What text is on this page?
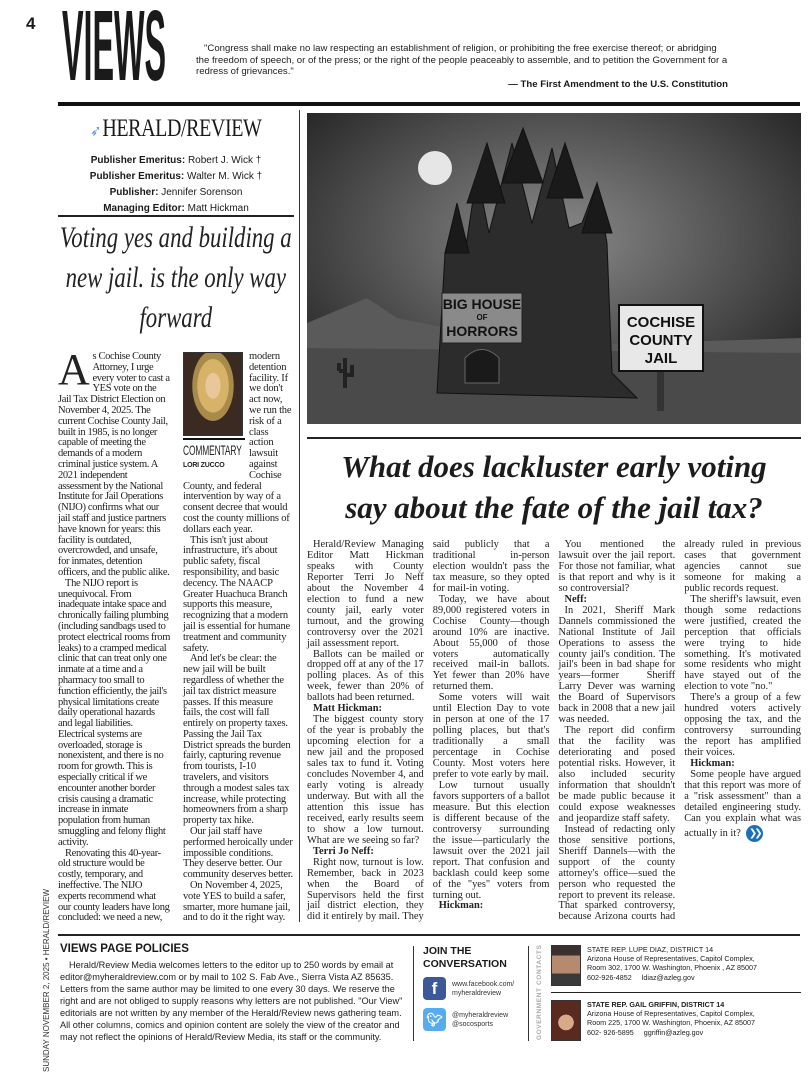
4 VIEWS	"Congress shall make no law respecting an establishment of religion, or prohibiting the free exercise thereof; or abridging the freedom of speech, or of the press; or the right of the people peaceably to assemble, and to petition the Government for a redress of grievances."
— The First Amendment to the U.S. Constitution
➶HERALD/REVIEW
Publisher Emeritus: Robert J. Wick †
Publisher Emeritus: Walter M. Wick †
Publisher: Jennifer Sorenson
Managing Editor: Matt Hickman
Voting yes and building a new jail. is the only way forward
A s Cochise County Attorney, I urge every voter to cast a YES vote on the Jail Tax District Election on November 4, 2025. The current Cochise County Jail, built in 1985, is no longer capable of meeting the demands of a modern criminal justice system. A 2021 independent assessment by the National Institute for Jail Operations (NIJO) confirms what our jail staff and justice partners have known for years: this facility is outdated, overcrowded, and unsafe, for inmates, detention officers, and the public alike.

The NIJO report is unequivocal. From inadequate intake space and chronically failing plumbing (including sandbags used to protect electrical rooms from leaks) to a cramped medical clinic that can treat only one inmate at a time and a pharmacy too small to function efficiently, the jail's physical limitations create daily operational hazards and legal liabilities. Electrical systems are overloaded, storage is nonexistent, and there is no room for growth. This is especially critical if we encounter another border crisis causing a dramatic increase in inmate population from human smuggling and felony flight activity.

Renovating this 40-year-old structure would be costly, temporary, and ineffective. The NIJO experts recommend what our county leaders have long concluded: we need a new,

COMMENTARY
LORI ZUCCO

modern detention facility. If we don't act now, we run the risk of a class action lawsuit against Cochise County, and federal intervention by way of a consent decree that would cost the county millions of dollars each year.

This isn't just about infrastructure, it's about public safety, fiscal responsibility, and basic decency. The NAACP Greater Huachuca Branch supports this measure, recognizing that a modern jail is essential for humane treatment and community safety.

And let's be clear: the new jail will be built regardless of whether the jail tax district measure passes. If this measure fails, the cost will fall entirely on property taxes. Passing the Jail Tax District spreads the burden fairly, capturing revenue from tourists, I-10 travelers, and visitors through a modest sales tax increase, while protecting homeowners from a sharp property tax hike.

Our jail staff have performed heroically under impossible conditions. They deserve better. Our community deserves better.

On November 4, 2025, vote YES to build a safer, smarter, more humane jail, and to do it the right way.

BIG HOUSE
OF
HORRORS	COCHISE
COUNTY
JAIL
What does lackluster early voting
say about the fate of the jail tax?

Herald/Review Managing Editor Matt Hickman speaks with County Reporter Terri Jo Neff about the November 4 election to fund a new county jail, early voter turnout, and the growing controversy over the 2021 jail assessment report.

Ballots can be mailed or dropped off at any of the 17 polling places. As of this week, fewer than 20% of ballots had been returned.

Matt Hickman:

The biggest county story of the year is probably the upcoming election for a new jail and the proposed sales tax to fund it. Voting concludes November 4, and early voting is already underway. But with all the attention this issue has received, early results seem to show a low turnout. What are we seeing so far?

Terri Jo Neff:

Right now, turnout is low. Remember, back in 2023 when the Board of Supervisors held the first jail district election, they did it entirely by mail. They said publicly that a traditional in-person election wouldn't pass the tax measure, so they opted for mail-in voting.

Today, we have about 89,000 registered voters in Cochise County—though around 10% are inactive. About 55,000 of those voters automatically received mail-in ballots. Yet fewer than 20% have returned them.

Some voters will wait until Election Day to vote in person at one of the 17 polling places, but that's traditionally a small percentage in Cochise County. Most voters here prefer to vote early by mail.

Low turnout usually favors supporters of a ballot measure. But this election is different because of the controversy surrounding the issue—particularly the lawsuit over the 2021 jail report. That confusion and backlash could keep some of the "yes" voters from turning out.

Hickman:

You mentioned the lawsuit over the jail report. For those not familiar, what is that report and why is it so controversial?

Neff:

In 2021, Sheriff Mark Dannels commissioned the National Institute of Jail Operations to assess the county jail's condition. The jail's been in bad shape for years—former Sheriff Larry Dever was warning the Board of Supervisors back in 2008 that a new jail was needed.

The report did confirm that the facility was deteriorating and posed potential risks. However, it also included security information that shouldn't be made public because it could expose weaknesses and jeopardize staff safety.

Instead of redacting only those sensitive portions, Sheriff Dannels—with the support of the county attorney's office—sued the person who requested the report to prevent its release. That sparked controversy, because Arizona courts had already ruled in previous cases that government agencies cannot sue someone for making a public records request.

The sheriff's lawsuit, even though some redactions were justified, created the perception that officials were trying to hide something. It's motivated some residents who might have stayed out of the election to vote "no."

There's a group of a few hundred voters actively opposing the tax, and the controversy surrounding the report has amplified their voices.

Hickman:

Some people have argued that this report was more of a "risk assessment" than a detailed engineering study. Can you explain what was actually in it? ❯❯

SUNDAY NOVEMBER 2, 2025 • HERALD/REVIEW VIEWS PAGE POLICIES
Herald/Review Media welcomes letters to the editor up to 250 words by email at editor@myheraldreview.com or by mail to 102 S. Fab Ave., Sierra Vista AZ 85635. Letters from the same author may be limited to one every 30 days. We reserve the right and are not obliged to supply reasons why letters are not published. "Our View" editorials are not written by any member of the Herald/Review news gathering team. All other columns, comics and opinion content are solely the view of the creator and may not reflect the opinions of Herald/Review Media, its staff or the community.
JOIN THE CONVERSATION
f	www.facebook.com/
myheraldreview
🐦︎	@myheraldreview
@socosports	GOVERNMENT CONTACTS	STATE REP. LUPE DIAZ, DISTRICT 14
Arizona House of Representatives, Capitol Complex,
Room 302, 1700 W. Washington, Phoenix , AZ 85007
602-926-4852 ldiaz@azleg.gov
STATE REP. GAIL GRIFFIN, DISTRICT 14
Arizona House of Representatives, Capitol Complex,
Room 225, 1700 W. Washington, Phoenix, AZ 85007
602- 926-5895 ggriffin@azleg.gov
